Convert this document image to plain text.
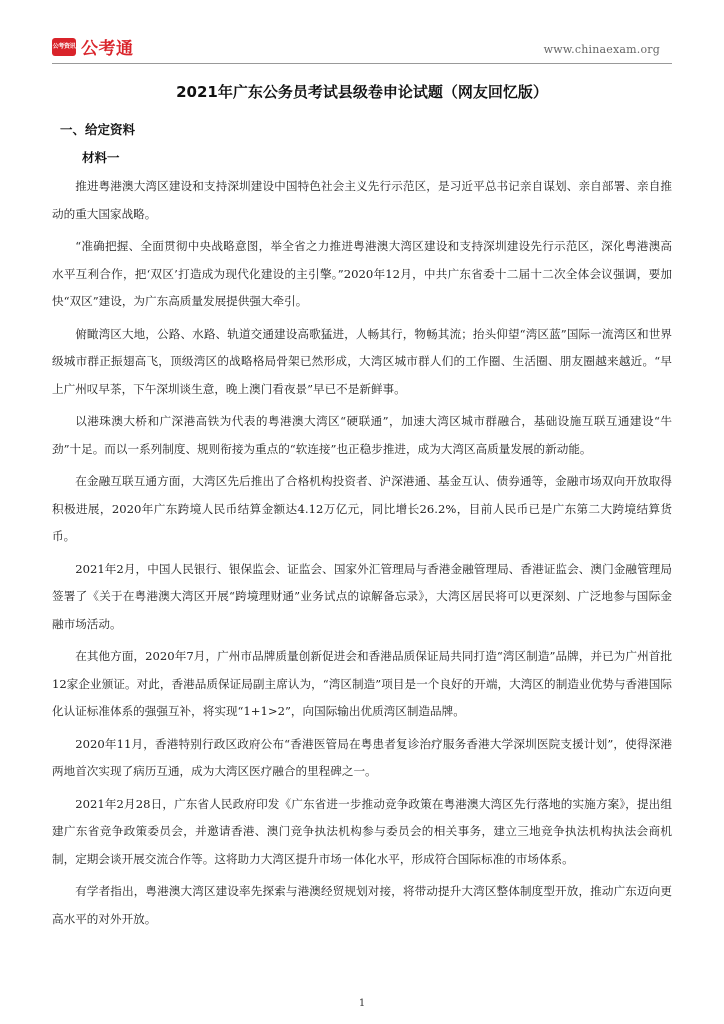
公考资讯 公考通	www.chinaexam.org
2021年广东公务员考试县级卷申论试题（网友回忆版）
一、给定资料
材料一

推进粤港澳大湾区建设和支持深圳建设中国特色社会主义先行示范区，是习近平总书记亲自谋划、亲自部署、亲自推动的重大国家战略。

“准确把握、全面贯彻中央战略意图，举全省之力推进粤港澳大湾区建设和支持深圳建设先行示范区，深化粤港澳高水平互利合作，把‘双区’打造成为现代化建设的主引擎。”2020年12月，中共广东省委十二届十二次全体会议强调，要加快“双区”建设，为广东高质量发展提供强大牵引。

俯瞰湾区大地，公路、水路、轨道交通建设高歌猛进，人畅其行，物畅其流；抬头仰望“湾区蓝”国际一流湾区和世界级城市群正振翅高飞，顶级湾区的战略格局骨架已然形成，大湾区城市群人们的工作圈、生活圈、朋友圈越来越近。“早上广州叹早茶，下午深圳谈生意，晚上澳门看夜景”早已不是新鲜事。

以港珠澳大桥和广深港高铁为代表的粤港澳大湾区“硬联通”，加速大湾区城市群融合，基础设施互联互通建设“牛劲”十足。而以一系列制度、规则衔接为重点的“软连接”也正稳步推进，成为大湾区高质量发展的新动能。

在金融互联互通方面，大湾区先后推出了合格机构投资者、沪深港通、基金互认、债券通等，金融市场双向开放取得积极进展，2020年广东跨境人民币结算金额达4.12万亿元，同比增长26.2%，目前人民币已是广东第二大跨境结算货币。

2021年2月，中国人民银行、银保监会、证监会、国家外汇管理局与香港金融管理局、香港证监会、澳门金融管理局签署了《关于在粤港澳大湾区开展“跨境理财通”业务试点的谅解备忘录》，大湾区居民将可以更深刻、广泛地参与国际金融市场活动。

在其他方面，2020年7月，广州市品牌质量创新促进会和香港品质保证局共同打造“湾区制造”品牌，并已为广州首批12家企业颁证。对此，香港品质保证局副主席认为，“湾区制造”项目是一个良好的开端，大湾区的制造业优势与香港国际化认证标准体系的强强互补，将实现“1+1>2”，向国际输出优质湾区制造品牌。

2020年11月，香港特别行政区政府公布“香港医管局在粤患者复诊治疗服务香港大学深圳医院支援计划”，使得深港两地首次实现了病历互通，成为大湾区医疗融合的里程碑之一。

2021年2月28日，广东省人民政府印发《广东省进一步推动竞争政策在粤港澳大湾区先行落地的实施方案》，提出组建广东省竞争政策委员会，并邀请香港、澳门竞争执法机构参与委员会的相关事务，建立三地竞争执法机构执法会商机制，定期会谈开展交流合作等。这将助力大湾区提升市场一体化水平，形成符合国际标准的市场体系。

有学者指出，粤港澳大湾区建设率先探索与港澳经贸规划对接，将带动提升大湾区整体制度型开放，推动广东迈向更高水平的对外开放。

1
